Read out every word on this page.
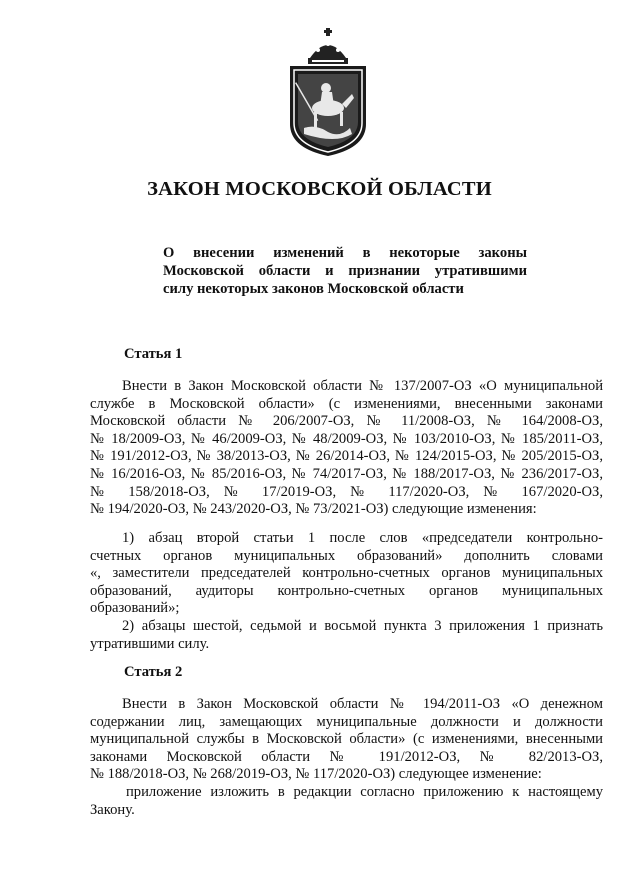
ЗАКОН МОСКОВСКОЙ ОБЛАСТИ
О внесении изменений в некоторые законы
Московской области и признании утратившими
силу некоторых законов Московской области
Статья 1
Внести в Закон Московской области № 137/2007-ОЗ «О муниципальной
службе в Московской области» (с изменениями, внесенными законами
Московской области № 206/2007-ОЗ, № 11/2008-ОЗ, № 164/2008-ОЗ,
№ 18/2009-ОЗ, № 46/2009-ОЗ, № 48/2009-ОЗ, № 103/2010-ОЗ, № 185/2011-ОЗ,
№ 191/2012-ОЗ, № 38/2013-ОЗ, № 26/2014-ОЗ, № 124/2015-ОЗ, № 205/2015-ОЗ,
№ 16/2016-ОЗ, № 85/2016-ОЗ, № 74/2017-ОЗ, № 188/2017-ОЗ, № 236/2017-ОЗ,
№ 158/2018-ОЗ, № 17/2019-ОЗ, № 117/2020-ОЗ, № 167/2020-ОЗ,
№ 194/2020-ОЗ, № 243/2020-ОЗ, № 73/2021-ОЗ) следующие изменения:
1) абзац второй статьи 1 после слов «председатели контрольно-
счетных органов муниципальных образований» дополнить словами
«, заместители председателей контрольно-счетных органов муниципальных
образований, аудиторы контрольно-счетных органов муниципальных
образований»;
2) абзацы шестой, седьмой и восьмой пункта 3 приложения 1 признать
утратившими силу.
Статья 2
Внести в Закон Московской области № 194/2011-ОЗ «О денежном
содержании лиц, замещающих муниципальные должности и должности
муниципальной службы в Московской области» (с изменениями, внесенными
законами Московской области № 191/2012-ОЗ, № 82/2013-ОЗ,
№ 188/2018-ОЗ, № 268/2019-ОЗ, № 117/2020-ОЗ) следующее изменение:
приложение изложить в редакции согласно приложению к настоящему
Закону.
